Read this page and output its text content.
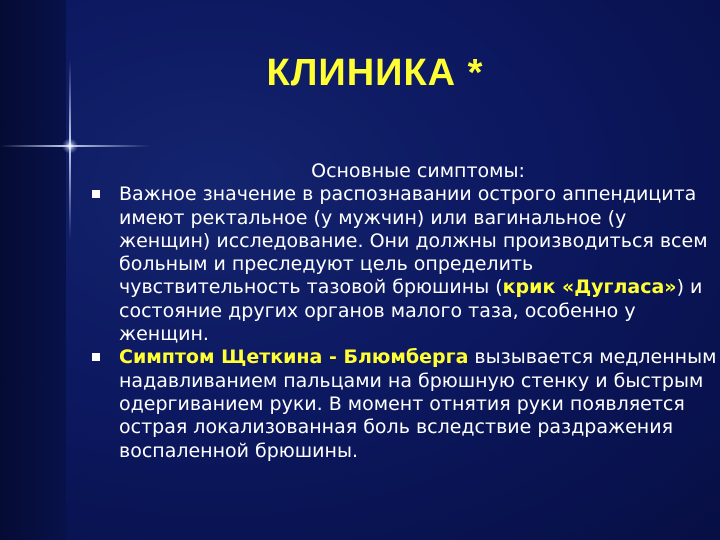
КЛИНИКА *
Основные симптомы:
Важное значение в распознавании острого аппендицита имеют ректальное (у мужчин) или вагинальное (у женщин) исследование. Они должны производиться всем больным и преследуют цель определить чувствительность тазовой брюшины (крик «Дугласа») и состояние других органов малого таза, особенно у женщин.
Симптом Щеткина - Блюмберга вызывается медленным надавливанием пальцами на брюшную стенку и быстрым одергиванием руки. В момент отнятия руки появляется острая локализованная боль вследствие раздражения воспаленной брюшины.
